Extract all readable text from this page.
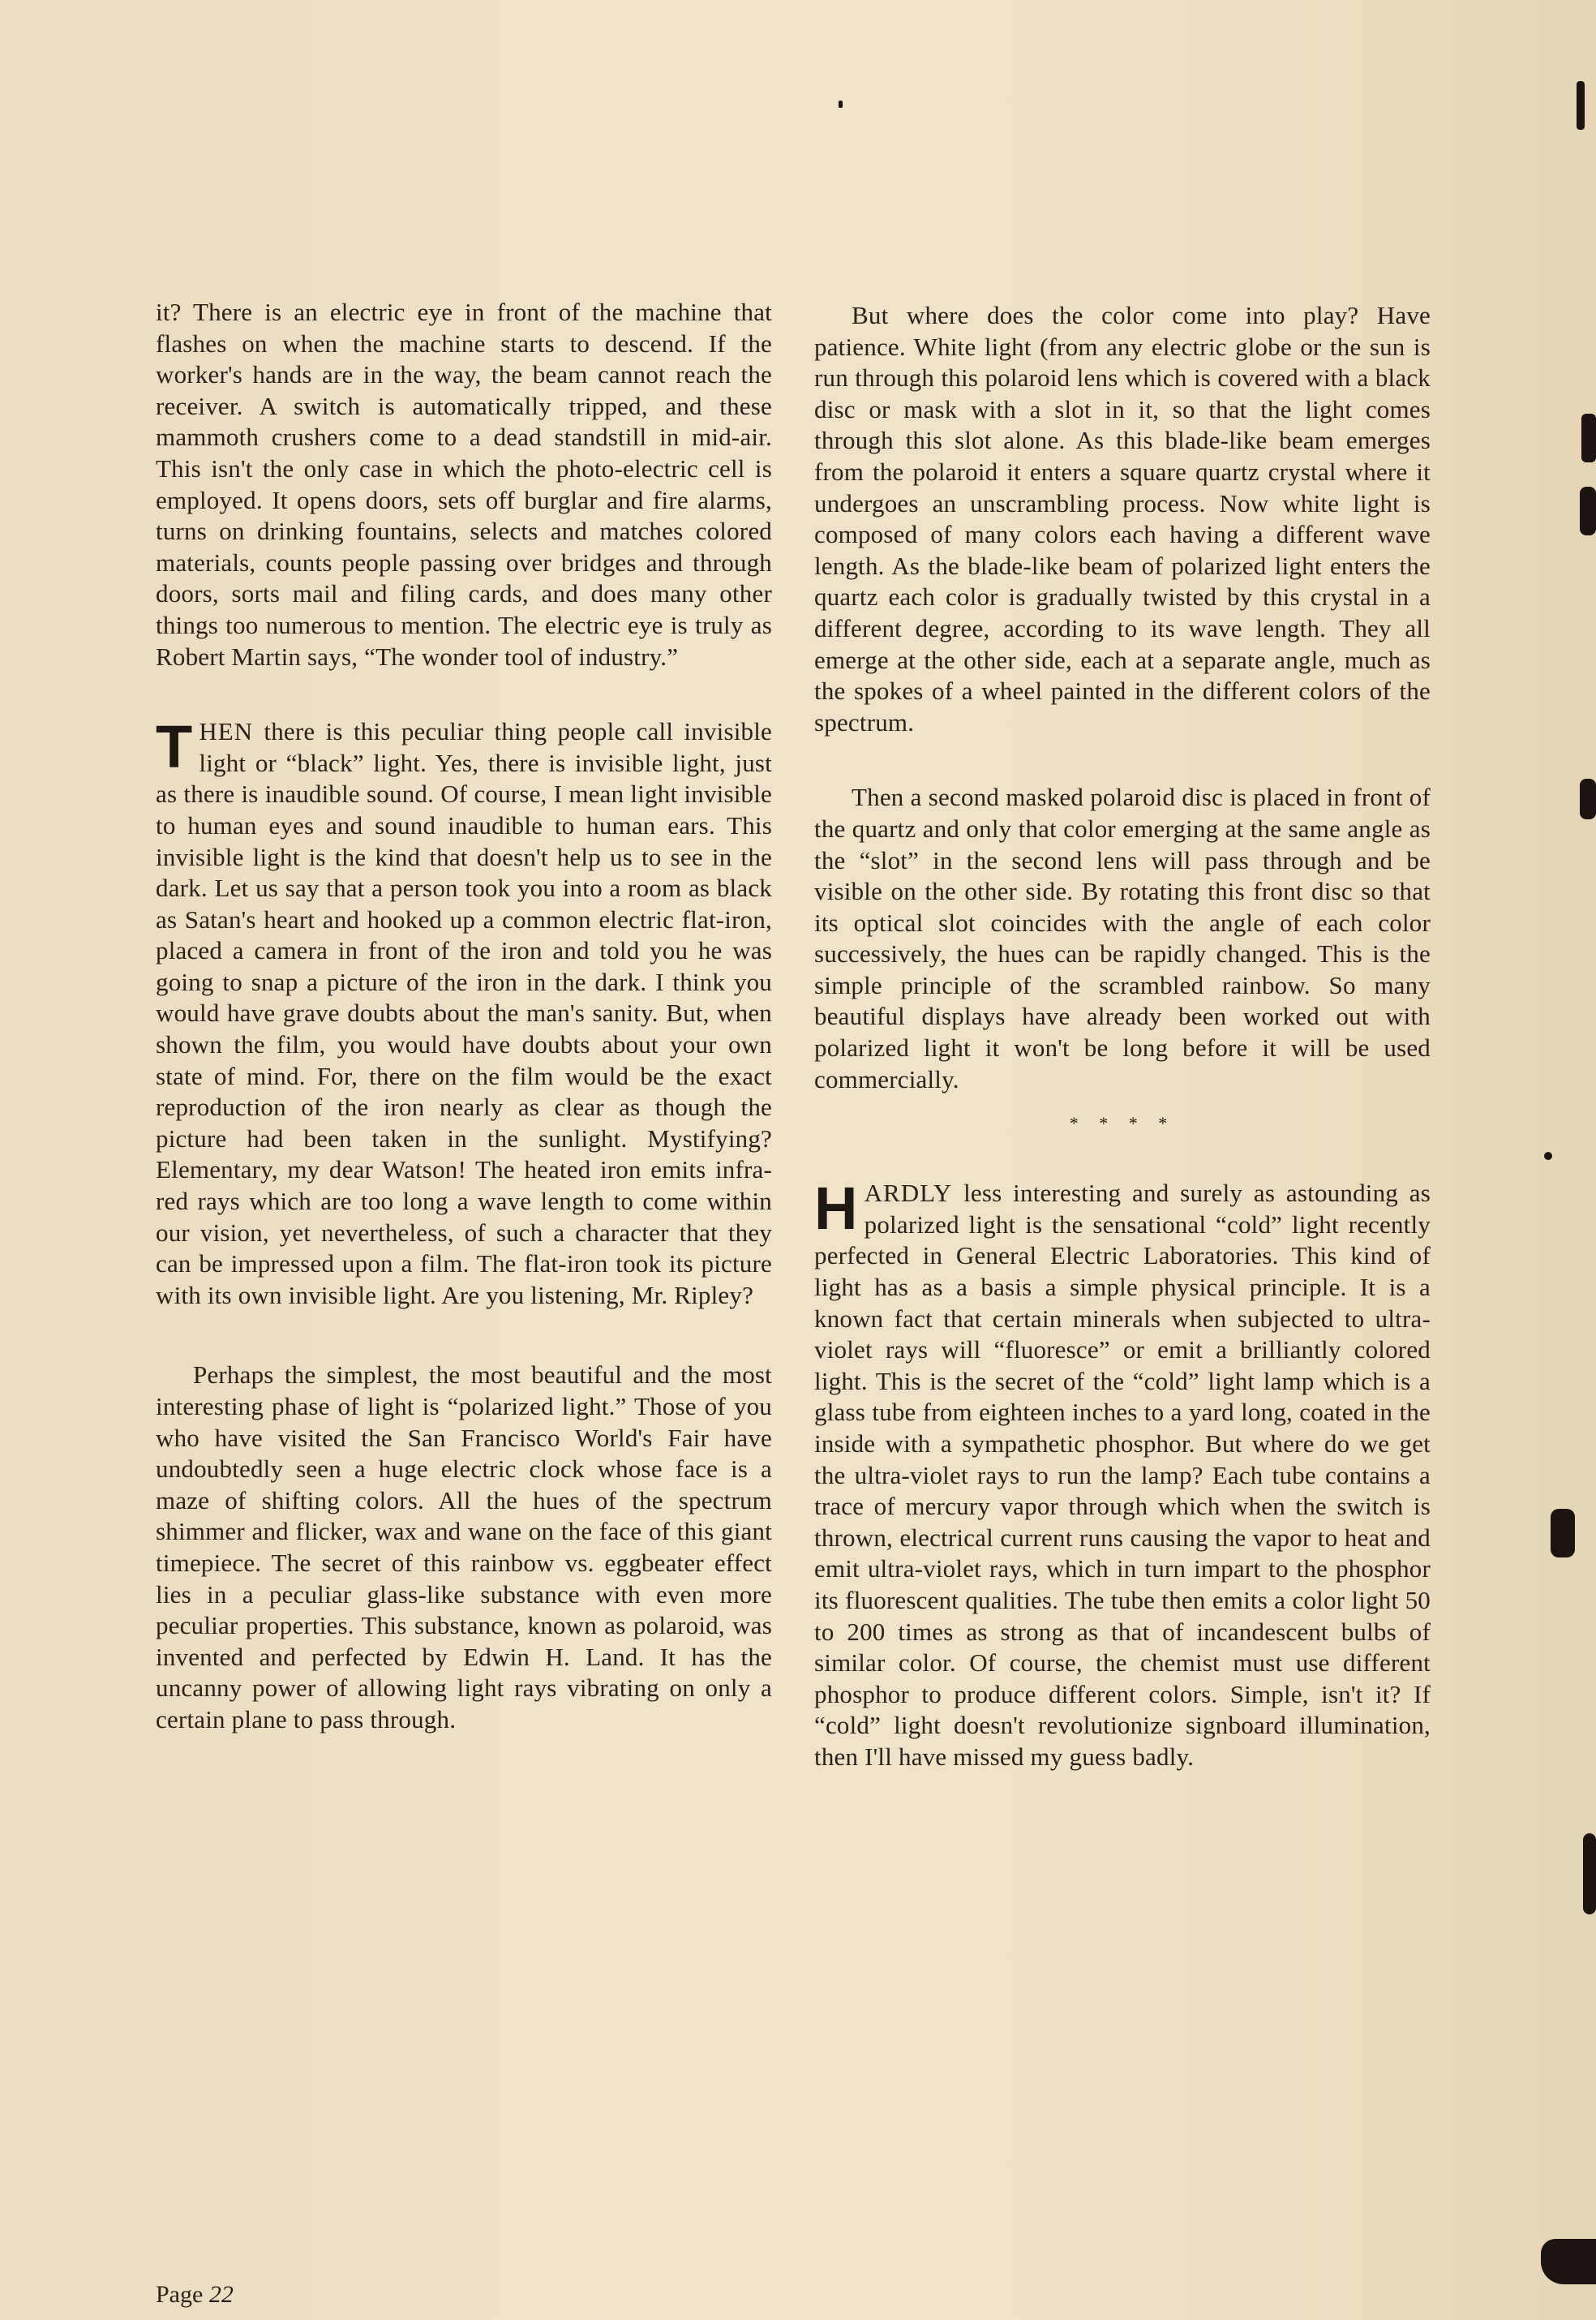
it? There is an electric eye in front of the machine that flashes on when the machine starts to descend. If the worker's hands are in the way, the beam cannot reach the receiver. A switch is automatically tripped, and these mammoth crushers come to a dead standstill in mid-air. This isn't the only case in which the photo-electric cell is employed. It opens doors, sets off burglar and fire alarms, turns on drinking fountains, selects and matches colored materials, counts people passing over bridges and through doors, sorts mail and filing cards, and does many other things too numerous to mention. The electric eye is truly as Robert Martin says, “The wonder tool of industry.”

THEN there is this peculiar thing people call invisible light or “black” light. Yes, there is invisible light, just as there is inaudible sound. Of course, I mean light invisible to human eyes and sound inaudible to human ears. This invisible light is the kind that doesn't help us to see in the dark. Let us say that a person took you into a room as black as Satan's heart and hooked up a common electric flat-iron, placed a camera in front of the iron and told you he was going to snap a picture of the iron in the dark. I think you would have grave doubts about the man's sanity. But, when shown the film, you would have doubts about your own state of mind. For, there on the film would be the exact reproduction of the iron nearly as clear as though the picture had been taken in the sunlight. Mystifying? Elementary, my dear Watson! The heated iron emits infra-red rays which are too long a wave length to come within our vision, yet nevertheless, of such a character that they can be impressed upon a film. The flat-iron took its picture with its own invisible light. Are you listening, Mr. Ripley?

Perhaps the simplest, the most beautiful and the most interesting phase of light is “polarized light.” Those of you who have visited the San Francisco World's Fair have undoubtedly seen a huge electric clock whose face is a maze of shifting colors. All the hues of the spectrum shimmer and flicker, wax and wane on the face of this giant timepiece. The secret of this rainbow vs. eggbeater effect lies in a peculiar glass-like substance with even more peculiar properties. This substance, known as polaroid, was invented and perfected by Edwin H. Land. It has the uncanny power of allowing light rays vibrating on only a certain plane to pass through.

But where does the color come into play? Have patience. White light (from any electric globe or the sun is run through this polaroid lens which is covered with a black disc or mask with a slot in it, so that the light comes through this slot alone. As this blade-like beam emerges from the polaroid it enters a square quartz crystal where it undergoes an unscrambling process. Now white light is composed of many colors each having a different wave length. As the blade-like beam of polarized light enters the quartz each color is gradually twisted by this crystal in a different degree, according to its wave length. They all emerge at the other side, each at a separate angle, much as the spokes of a wheel painted in the different colors of the spectrum.

Then a second masked polaroid disc is placed in front of the quartz and only that color emerging at the same angle as the “slot” in the second lens will pass through and be visible on the other side. By rotating this front disc so that its optical slot coincides with the angle of each color successively, the hues can be rapidly changed. This is the simple principle of the scrambled rainbow. So many beautiful displays have already been worked out with polarized light it won't be long before it will be used commercially.

* * * *

HARDLY less interesting and surely as astounding as polarized light is the sensational “cold” light recently perfected in General Electric Laboratories. This kind of light has as a basis a simple physical principle. It is a known fact that certain minerals when subjected to ultra-violet rays will “fluoresce” or emit a brilliantly colored light. This is the secret of the “cold” light lamp which is a glass tube from eighteen inches to a yard long, coated in the inside with a sympathetic phosphor. But where do we get the ultra-violet rays to run the lamp? Each tube contains a trace of mercury vapor through which when the switch is thrown, electrical current runs causing the vapor to heat and emit ultra-violet rays, which in turn impart to the phosphor its fluorescent qualities. The tube then emits a color light 50 to 200 times as strong as that of incandescent bulbs of similar color. Of course, the chemist must use different phosphor to produce different colors. Simple, isn't it? If “cold” light doesn't revolutionize signboard illumination, then I'll have missed my guess badly.

Page 22
